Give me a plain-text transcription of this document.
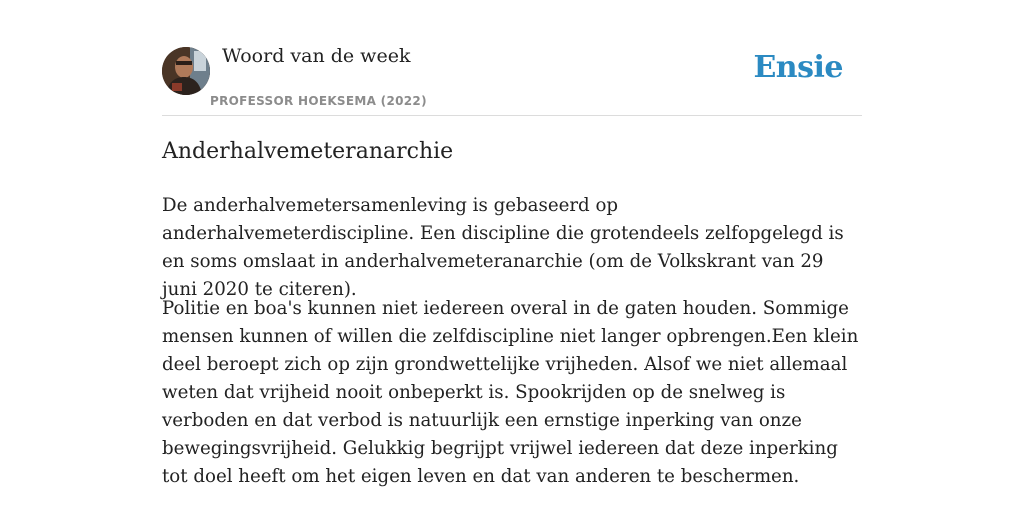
Woord van de week
PROFESSOR HOEKSEMA (2022)
Ensie
Anderhalvemeteranarchie

De anderhalvemetersamenleving is gebaseerd op anderhalvemeterdiscipline. Een discipline die grotendeels zelfopgelegd is en soms omslaat in anderhalvemeteranarchie (om de Volkskrant van 29 juni 2020 te citeren).

Politie en boa's kunnen niet iedereen overal in de gaten houden. Sommige mensen kunnen of willen die zelfdiscipline niet langer opbrengen.Een klein deel beroept zich op zijn grondwettelijke vrijheden. Alsof we niet allemaal weten dat vrijheid nooit onbeperkt is. Spookrijden op de snelweg is verboden en dat verbod is natuurlijk een ernstige inperking van onze bewegingsvrijheid. Gelukkig begrijpt vrijwel iedereen dat deze inperking tot doel heeft om het eigen leven en dat van anderen te beschermen.
